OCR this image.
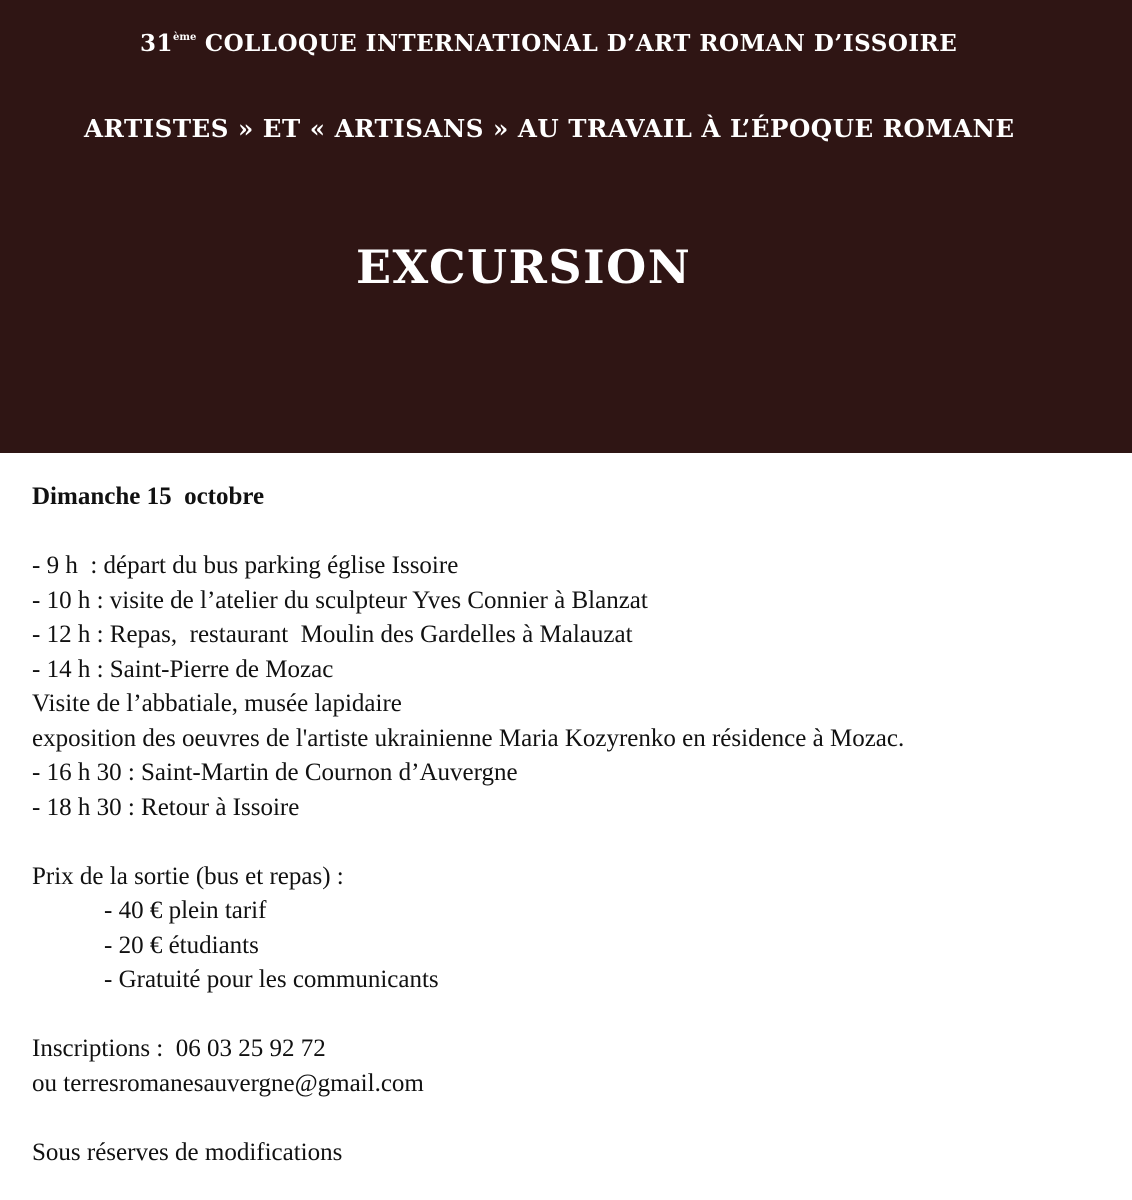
31ème COLLOQUE INTERNATIONAL D’ART ROMAN D’ISSOIRE
ARTISTES » ET « ARTISANS » AU TRAVAIL À L’ÉPOQUE ROMANE
EXCURSION
Dimanche 15  octobre
- 9 h  : départ du bus parking église Issoire
- 10 h : visite de l’atelier du sculpteur Yves Connier à Blanzat
- 12 h : Repas,  restaurant  Moulin des Gardelles à Malauzat
- 14 h : Saint-Pierre de Mozac
Visite de l’abbatiale, musée lapidaire
exposition des oeuvres de l'artiste ukrainienne Maria Kozyrenko en résidence à Mozac.
- 16 h 30 : Saint-Martin de Cournon d’Auvergne
- 18 h 30 : Retour à Issoire
Prix de la sortie (bus et repas) :
- 40 € plein tarif
- 20 € étudiants
- Gratuité pour les communicants
Inscriptions :  06 03 25 92 72
ou terresromanesauvergne@gmail.com
Sous réserves de modifications
